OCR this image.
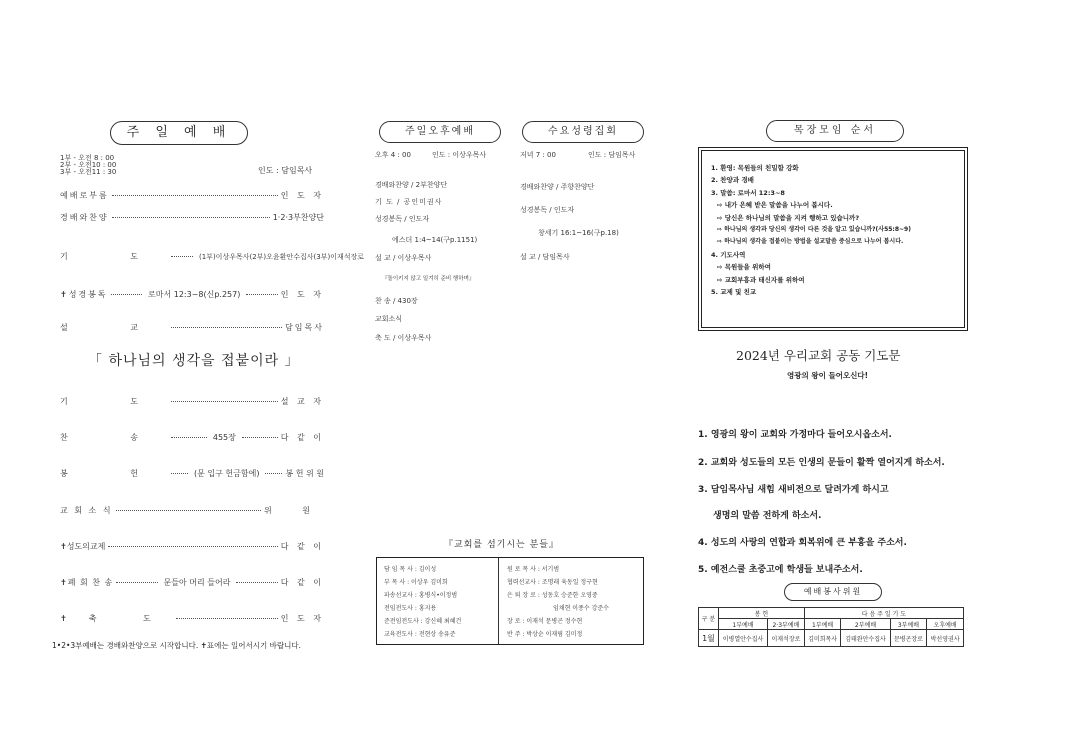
주 일 예 배
1부 - 오전 8 : 00
2부 - 오전10 : 00
3부 - 오전11 : 30	인도 : 담임목사
예배로부름	인 도 자
경배와찬양	1·2·3부찬양단
기 도	(1부)이상우목사(2부)오윤환안수집사(3부)이재석장로
✝성경봉독	로마서 12:3~8(신p.257)	인 도 자
설 교	담임목사
「 하나님의 생각을 접붙이라 」
기 도	설 교 자
찬 송	455장	다 같 이
봉 헌	(문 입구 헌금함에)	봉 헌 위 원
교 회 소 식	위 원
✝성도의교제	다 같 이
✝폐 회 찬 송	문들아 머리 들어라	다 같 이
✝축 도	인 도 자
1•2•3부예배는 경배와찬양으로 시작합니다. ✝표에는 일어서시기 바랍니다.
주일오후예배	수요성령집회
오후 4 : 00	인도 : 이상우목사
경배와찬양 / 2부찬양단
기 도 / 공인미권사
성경봉독 / 인도자
에스더 1:4~14(구p.1151)
설 교 / 이상우목사
『돌이키지 않고 일겨히 준비 행하며』
찬 송 / 430장
교회소식
축 도 / 이상우목사
저녁 7 : 00	인도 : 담임목사
경배와찬양 / 주향찬양단
성경봉독 / 인도자
창세기 16:1~16(구p.18)
설 교 / 담임목사
『교회를 섬기시는 분들』
담 임 목 사 : 김이성
부 목 사 : 이상우 김미희
파송선교사 : 홍병식•이정범
전임전도사 : 홍지용
준전임전도사 : 강신혜 최혜건
교육전도사 : 전현상 송유준
원 로 목 사 : 서기범
협력선교사 : 조명래 육동일 정구현
은 퇴 장 로 : 성동호 승준한 오영중
임채현 이종수 강준수
장 로 : 이재석 문병곤 정수현
반 주 : 박상순 이재림 김미정
목장모임 순서
1. 환영: 목원들의 친밀함 강화
2. 찬양과 경배
3. 말씀: 로마서 12:3~8
⇨ 내가 은혜 받은 말씀을 나누어 봅시다.
⇨ 당신은 하나님의 말씀을 지켜 행하고 있습니까?
⇨ 하나님의 생각과 당신의 생각이 다른 것을 알고 있습니까?(사55:8~9)
⇨ 하나님의 생각을 접붙이는 방법을 설교말씀 중심으로 나누어 봅시다.
4. 기도사역
⇨ 목원들을 위하여
⇨ 교회부흥과 태신자를 위하여
5. 교제 및 친교
2024년 우리교회 공동 기도문
영광의 왕이 들어오신다!
1. 영광의 왕이 교회와 가정마다 들어오시옵소서.
2. 교회와 성도들의 모든 인생의 문들이 활짝 열어지게 하소서.
3. 담임목사님 새힘 새비전으로 달려가게 하시고
생명의 말씀 전하게 하소서.
4. 성도의 사랑의 연합과 회복위에 큰 부흥을 주소서.
5. 예전스쿨 초중고에 학생들 보내주소서.
예배봉사위원
구 분	봉 헌		다 음 주 일 기 도			
	1부예배	2·3부예배	1부예배	2부예배	3부예배	오후예배
1월	이병열안수집사	이재석장로	김미희목사	김태완안수집사	문병곤장로	박선영권사
